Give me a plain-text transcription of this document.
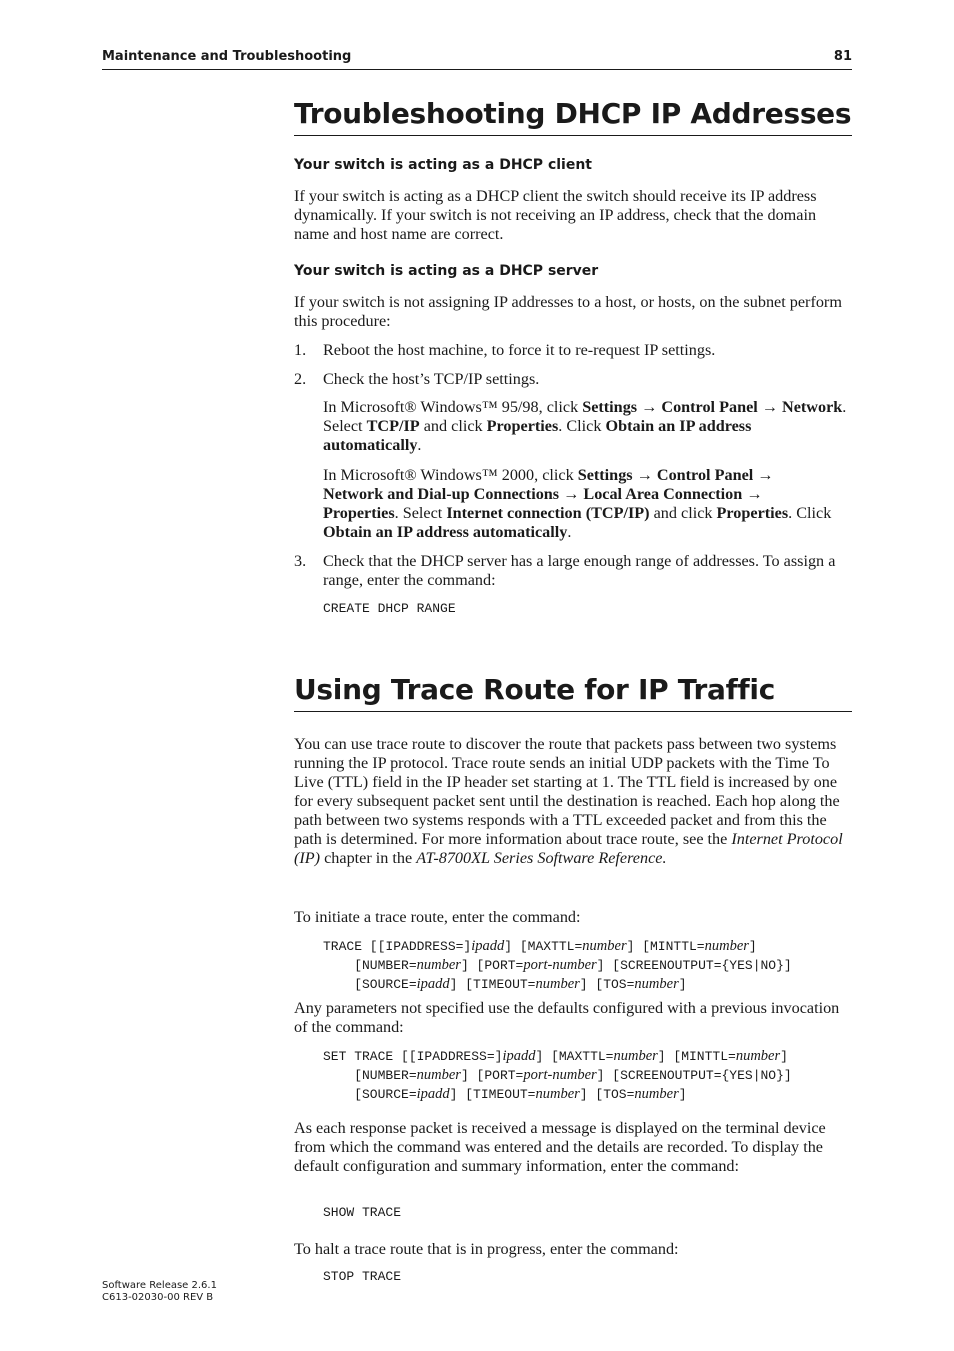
Maintenance and Troubleshooting	81
Troubleshooting DHCP IP Addresses
Your switch is acting as a DHCP client
If your switch is acting as a DHCP client the switch should receive its IP address dynamically. If your switch is not receiving an IP address, check that the domain name and host name are correct.
Your switch is acting as a DHCP server
If your switch is not assigning IP addresses to a host, or hosts, on the subnet perform this procedure:
1. Reboot the host machine, to force it to re-request IP settings.
2. Check the host’s TCP/IP settings.
In Microsoft® Windows™ 95/98, click Settings → Control Panel → Network. Select TCP/IP and click Properties. Click Obtain an IP address automatically.
In Microsoft® Windows™ 2000, click Settings → Control Panel →
Network and Dial-up Connections → Local Area Connection →
Properties. Select Internet connection (TCP/IP) and click Properties. Click
Obtain an IP address automatically.
3. Check that the DHCP server has a large enough range of addresses. To assign a range, enter the command:
CREATE DHCP RANGE
Using Trace Route for IP Traffic
You can use trace route to discover the route that packets pass between two systems running the IP protocol. Trace route sends an initial UDP packets with the Time To Live (TTL) field in the IP header set starting at 1. The TTL field is increased by one for every subsequent packet sent until the destination is reached. Each hop along the path between two systems responds with a TTL exceeded packet and from this the path is determined. For more information about trace route, see the Internet Protocol (IP) chapter in the AT-8700XL Series Software Reference.
To initiate a trace route, enter the command:
TRACE [[IPADDRESS=]ipadd] [MAXTTL=number] [MINTTL=number]
[NUMBER=number] [PORT=port-number] [SCREENOUTPUT={YES|NO}]
[SOURCE=ipadd] [TIMEOUT=number] [TOS=number]
Any parameters not specified use the defaults configured with a previous invocation of the command:
SET TRACE [[IPADDRESS=]ipadd] [MAXTTL=number] [MINTTL=number]
[NUMBER=number] [PORT=port-number] [SCREENOUTPUT={YES|NO}]
[SOURCE=ipadd] [TIMEOUT=number] [TOS=number]
As each response packet is received a message is displayed on the terminal device from which the command was entered and the details are recorded. To display the default configuration and summary information, enter the command:
SHOW TRACE
To halt a trace route that is in progress, enter the command:
STOP TRACE
Software Release 2.6.1
C613-02030-00 REV B
